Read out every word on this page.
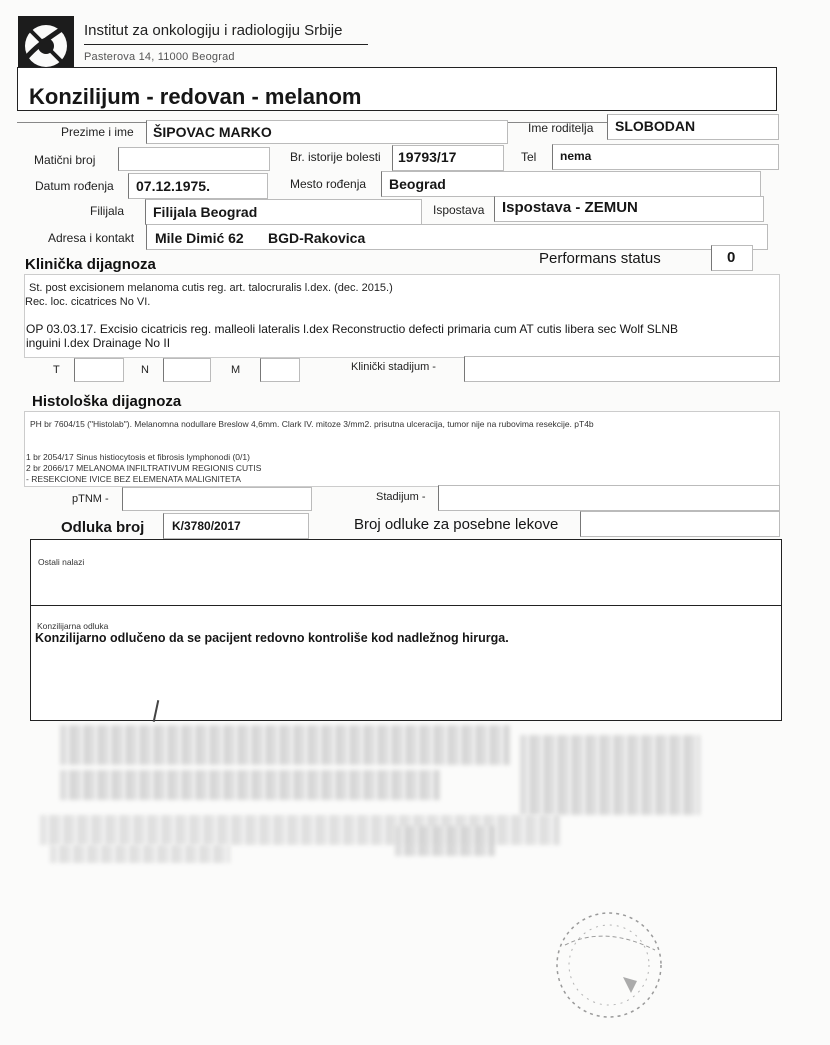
Institut za onkologiju i radiologiju Srbije
Pasterova 14, 11000 Beograd
Konzilijum - redovan - melanom
Prezime i ime ŠIPOVAC MARKO	Ime roditelja SLOBODAN
Matični broj	Br. istorije bolesti 19793/17	Tel nema
Datum rođenja 07.12.1975.	Mesto rođenja Beograd
Filijala Filijala Beograd	Ispostava Ispostava - ZEMUN
Adresa i kontakt Mile Dimić 62 BGD-Rakovica
Klinička dijagnoza	Performans status	0
St. post excisionem melanoma cutis reg. art. talocruralis l.dex. (dec. 2015.)
Rec. loc. cicatrices No VI.
OP 03.03.17. Excisio cicatricis reg. malleoli lateralis l.dex Reconstructio defecti primaria cum AT cutis libera sec Wolf SLNB
inguini l.dex Drainage No II
T	N	M	Klinički stadijum -
Histološka dijagnoza
PH br 7604/15 ("Histolab"). Melanomna nodullare Breslow 4,6mm. Clark IV. mitoze 3/mm2. prisutna ulceracija, tumor nije na rubovima resekcije. pT4b
1 br 2054/17 Sinus histiocytosis et fibrosis lymphonodi (0/1)
2 br 2066/17 MELANOMA INFILTRATIVUM REGIONIS CUTIS
- RESEKCIONE IVICE BEZ ELEMENATA MALIGNITETA
pTNM -	Stadijum -
Odluka broj K/3780/2017	Broj odluke za posebne lekove
Ostali nalazi
Konzilijarna odluka
Konzilijarno odlučeno da se pacijent redovno kontroliše kod nadležnog hirurga.
